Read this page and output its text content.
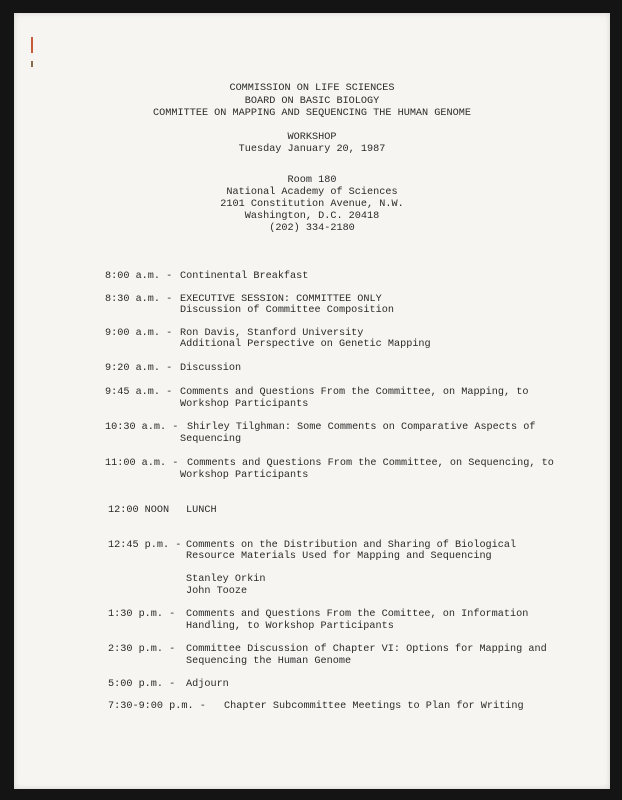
COMMISSION ON LIFE SCIENCES
BOARD ON BASIC BIOLOGY
COMMITTEE ON MAPPING AND SEQUENCING THE HUMAN GENOME
WORKSHOP
Tuesday January 20, 1987
Room 180
National Academy of Sciences
2101 Constitution Avenue, N.W.
Washington, D.C. 20418
(202) 334-2180
8:00 a.m. - Continental Breakfast
8:30 a.m. - EXECUTIVE SESSION: COMMITTEE ONLY
Discussion of Committee Composition
9:00 a.m. - Ron Davis, Stanford University
Additional Perspective on Genetic Mapping
9:20 a.m. - Discussion
9:45 a.m. - Comments and Questions From the Committee, on Mapping, to
Workshop Participants
10:30 a.m. - Shirley Tilghman: Some Comments on Comparative Aspects of
Sequencing
11:00 a.m. - Comments and Questions From the Committee, on Sequencing, to
Workshop Participants
12:00 NOON LUNCH
12:45 p.m. - Comments on the Distribution and Sharing of Biological
Resource Materials Used for Mapping and Sequencing
Stanley Orkin
John Tooze
1:30 p.m. - Comments and Questions From the Comittee, on Information
Handling, to Workshop Participants
2:30 p.m. - Committee Discussion of Chapter VI: Options for Mapping and
Sequencing the Human Genome
5:00 p.m. - Adjourn
7:30-9:00 p.m. - Chapter Subcommittee Meetings to Plan for Writing
